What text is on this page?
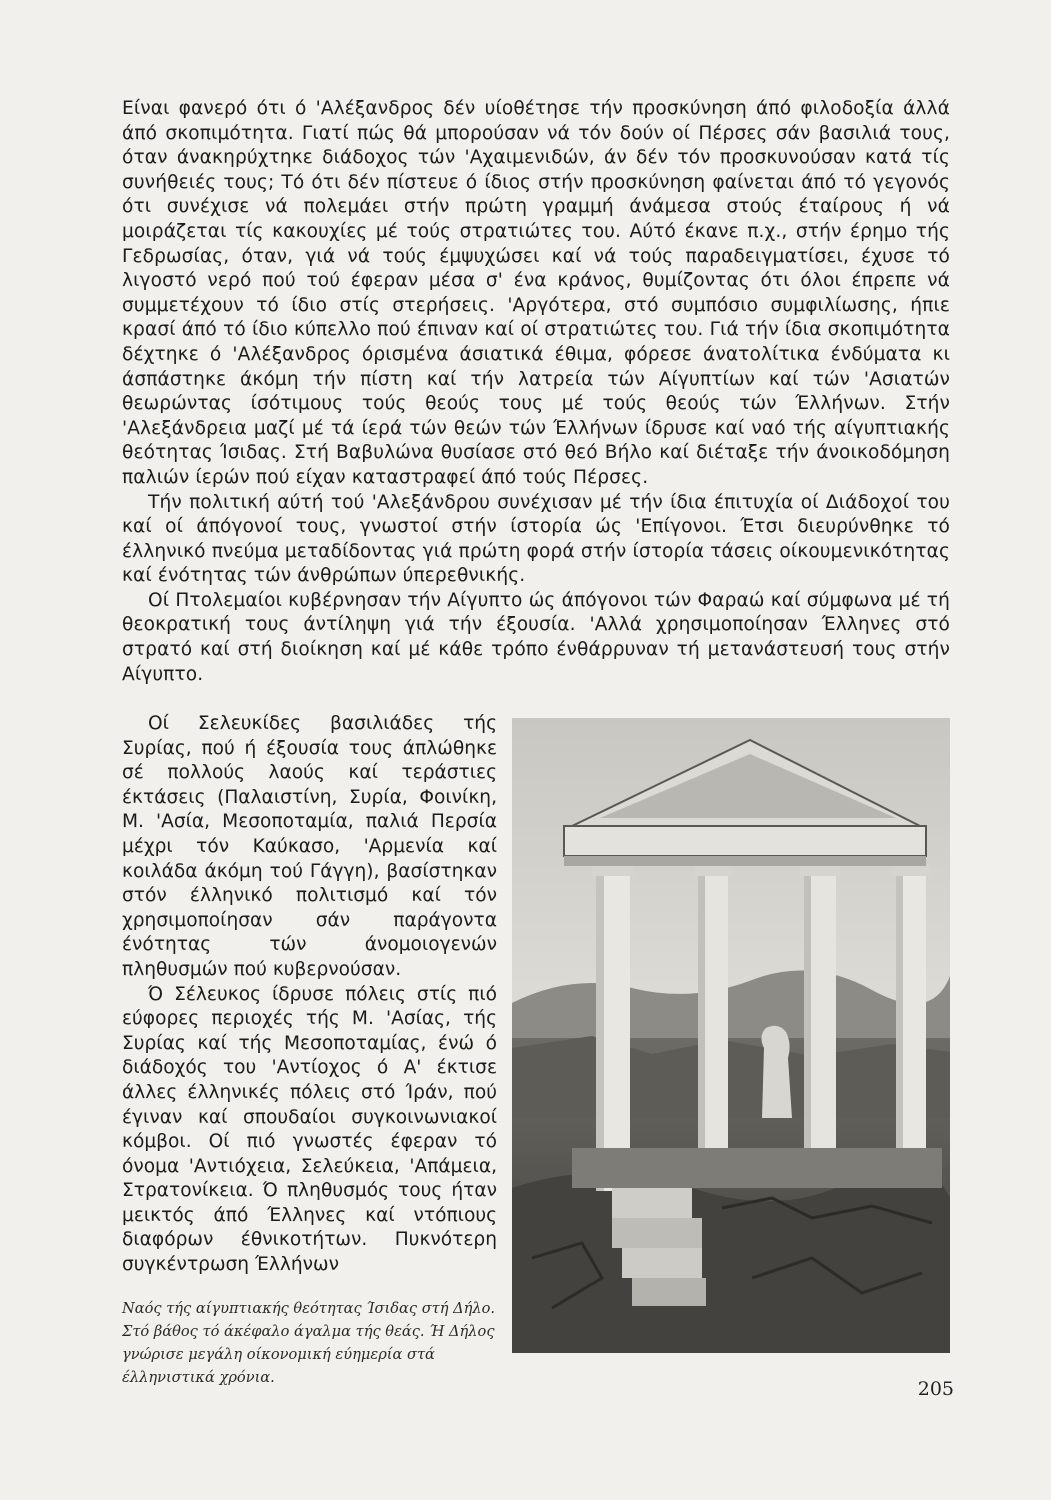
Είναι φανερό ότι ό 'Αλέξανδρος δέν υίοθέτησε τήν προσκύνηση άπό φιλοδοξία άλλά άπό σκοπιμότητα. Γιατί πώς θά μπορούσαν νά τόν δούν οί Πέρσες σάν βασιλιά τους, όταν άνακηρύχτηκε διάδοχος τών 'Αχαιμενιδών, άν δέν τόν προσκυνούσαν κατά τίς συνήθειές τους; Τό ότι δέν πίστευε ό ίδιος στήν προσκύνηση φαίνεται άπό τό γεγονός ότι συνέχισε νά πολεμάει στήν πρώτη γραμμή άνάμεσα στούς έταίρους ή νά μοιράζεται τίς κακουχίες μέ τούς στρατιώτες του. Αύτό έκανε π.χ., στήν έρημο τής Γεδρωσίας, όταν, γιά νά τούς έμψυχώσει καί νά τούς παραδειγματίσει, έχυσε τό λιγοστό νερό πού τού έφεραν μέσα σ' ένα κράνος, θυμίζοντας ότι όλοι έπρεπε νά συμμετέχουν τό ίδιο στίς στερήσεις. 'Αργότερα, στό συμπόσιο συμφιλίωσης, ήπιε κρασί άπό τό ίδιο κύπελλο πού έπιναν καί οί στρατιώτες του. Γιά τήν ίδια σκοπιμότητα δέχτηκε ό 'Αλέξανδρος όρισμένα άσιατικά έθιμα, φόρεσε άνατολίτικα ένδύματα κι άσπάστηκε άκόμη τήν πίστη καί τήν λατρεία τών Αίγυπτίων καί τών 'Ασιατών θεωρώντας ίσότιμους τούς θεούς τους μέ τούς θεούς τών Έλλήνων. Στήν 'Αλεξάνδρεια μαζί μέ τά ίερά τών θεών τών Έλλήνων ίδρυσε καί ναό τής αίγυπτιακής θεότητας Ίσιδας. Στή Βαβυλώνα θυσίασε στό θεό Βήλο καί διέταξε τήν άνοικοδόμηση παλιών ίερών πού είχαν καταστραφεί άπό τούς Πέρσες.

Τήν πολιτική αύτή τού 'Αλεξάνδρου συνέχισαν μέ τήν ίδια έπιτυχία οί Διάδοχοί του καί οί άπόγονοί τους, γνωστοί στήν ίστορία ώς 'Επίγονοι. Έτσι διευρύνθηκε τό έλληνικό πνεύμα μεταδίδοντας γιά πρώτη φορά στήν ίστορία τάσεις οίκουμενικότητας καί ένότητας τών άνθρώπων ύπερεθνικής.

Οί Πτολεμαίοι κυβέρνησαν τήν Αίγυπτο ώς άπόγονοι τών Φαραώ καί σύμφωνα μέ τή θεοκρατική τους άντίληψη γιά τήν έξουσία. 'Αλλά χρησιμοποίησαν Έλληνες στό στρατό καί στή διοίκηση καί μέ κάθε τρόπο ένθάρρυναν τή μετανάστευσή τους στήν Αίγυπτο.

Οί Σελευκίδες βασιλιάδες τής Συρίας, πού ή έξουσία τους άπλώθηκε σέ πολλούς λαούς καί τεράστιες έκτάσεις (Παλαιστίνη, Συρία, Φοινίκη, Μ. 'Ασία, Μεσοποταμία, παλιά Περσία μέχρι τόν Καύκασο, 'Αρμενία καί κοιλάδα άκόμη τού Γάγγη), βασίστηκαν στόν έλληνικό πολιτισμό καί τόν χρησιμοποίησαν σάν παράγοντα ένότητας τών άνομοιογενών πληθυσμών πού κυβερνούσαν.

Ό Σέλευκος ίδρυσε πόλεις στίς πιό εύφορες περιοχές τής Μ. 'Ασίας, τής Συρίας καί τής Μεσοποταμίας, ένώ ό διάδοχός του 'Αντίοχος ό Α' έκτισε άλλες έλληνικές πόλεις στό Ίράν, πού έγιναν καί σπουδαίοι συγκοινωνιακοί κόμβοι. Οί πιό γνωστές έφεραν τό όνομα 'Αντιόχεια, Σελεύκεια, 'Απάμεια, Στρατονίκεια. Ό πληθυσμός τους ήταν μεικτός άπό Έλληνες καί ντόπιους διαφόρων έθνικοτήτων. Πυκνότερη συγκέντρωση Έλλήνων

Ναός τής αίγυπτιακής θεότητας Ίσιδας στή Δήλο. Στό βάθος τό άκέφαλο άγαλμα τής θεάς. Ή Δήλος γνώρισε μεγάλη οίκονομική εύημερία στά έλληνιστικά χρόνια.
205
